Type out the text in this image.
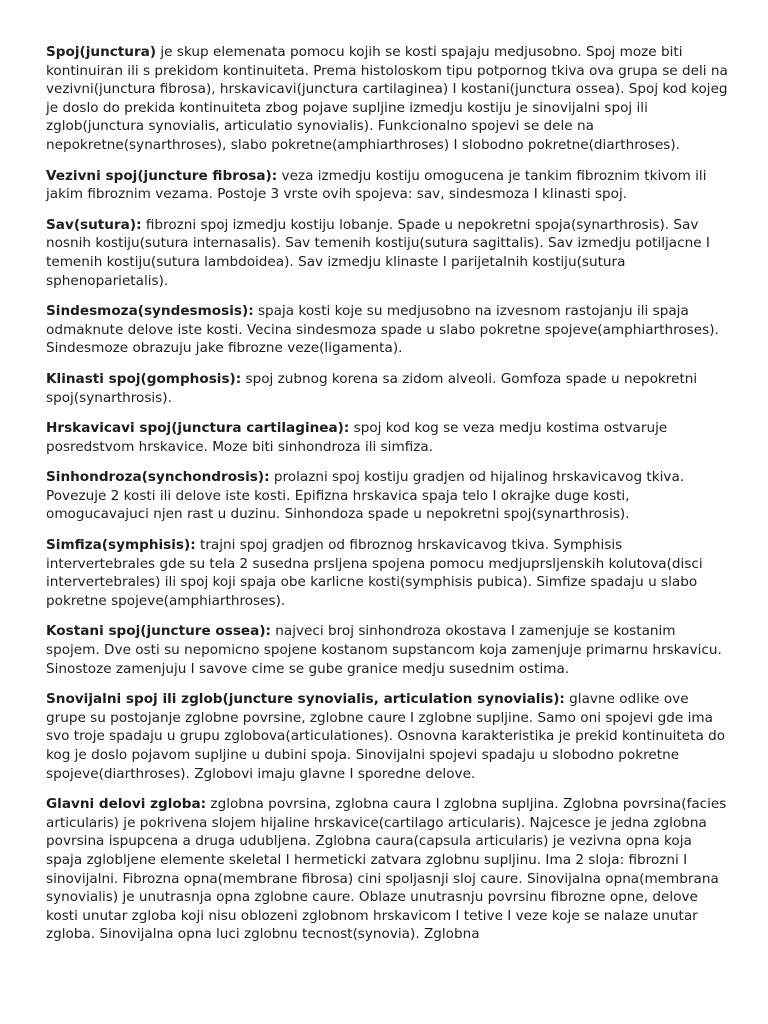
Spoj(junctura) je skup elemenata pomocu kojih se kosti spajaju medjusobno. Spoj moze biti kontinuiran ili s prekidom kontinuiteta. Prema histoloskom tipu potpornog tkiva ova grupa se deli na vezivni(junctura fibrosa), hrskavicavi(junctura cartilaginea) I kostani(junctura ossea). Spoj kod kojeg je doslo do prekida kontinuiteta zbog pojave supljine izmedju kostiju je sinovijalni spoj ili zglob(junctura synovialis, articulatio synovialis). Funkcionalno spojevi se dele na nepokretne(synarthroses), slabo pokretne(amphiarthroses) I slobodno pokretne(diarthroses).

Vezivni spoj(juncture fibrosa): veza izmedju kostiju omogucena je tankim fibroznim tkivom ili jakim fibroznim vezama. Postoje 3 vrste ovih spojeva: sav, sindesmoza I klinasti spoj.

Sav(sutura): fibrozni spoj izmedju kostiju lobanje. Spade u nepokretni spoja(synarthrosis). Sav nosnih kostiju(sutura internasalis). Sav temenih kostiju(sutura sagittalis). Sav izmedju potiljacne I temenih kostiju(sutura lambdoidea). Sav izmedju klinaste I parijetalnih kostiju(sutura sphenoparietalis).

Sindesmoza(syndesmosis): spaja kosti koje su medjusobno na izvesnom rastojanju ili spaja odmaknute delove iste kosti. Vecina sindesmoza spade u slabo pokretne spojeve(amphiarthroses). Sindesmoze obrazuju jake fibrozne veze(ligamenta).

Klinasti spoj(gomphosis): spoj zubnog korena sa zidom alveoli. Gomfoza spade u nepokretni spoj(synarthrosis).

Hrskavicavi spoj(junctura cartilaginea): spoj kod kog se veza medju kostima ostvaruje posredstvom hrskavice. Moze biti sinhondroza ili simfiza.

Sinhondroza(synchondrosis): prolazni spoj kostiju gradjen od hijalinog hrskavicavog tkiva. Povezuje 2 kosti ili delove iste kosti. Epifizna hrskavica spaja telo I okrajke duge kosti, omogucavajuci njen rast u duzinu. Sinhondoza spade u nepokretni spoj(synarthrosis).

Simfiza(symphisis): trajni spoj gradjen od fibroznog hrskavicavog tkiva. Symphisis intervertebrales gde su tela 2 susedna prsljena spojena pomocu medjuprsljenskih kolutova(disci intervertebrales) ili spoj koji spaja obe karlicne kosti(symphisis pubica). Simfize spadaju u slabo pokretne spojeve(amphiarthroses).

Kostani spoj(juncture ossea): najveci broj sinhondroza okostava I zamenjuje se kostanim spojem. Dve osti su nepomicno spojene kostanom supstancom koja zamenjuje primarnu hrskavicu. Sinostoze zamenjuju I savove cime se gube granice medju susednim ostima.

Snovijalni spoj ili zglob(juncture synovialis, articulation synovialis): glavne odlike ove grupe su postojanje zglobne povrsine, zglobne caure I zglobne supljine. Samo oni spojevi gde ima svo troje spadaju u grupu zglobova(articulationes). Osnovna karakteristika je prekid kontinuiteta do kog je doslo pojavom supljine u dubini spoja. Sinovijalni spojevi spadaju u slobodno pokretne spojeve(diarthroses). Zglobovi imaju glavne I sporedne delove.

Glavni delovi zgloba: zglobna povrsina, zglobna caura I zglobna supljina. Zglobna povrsina(facies articularis) je pokrivena slojem hijaline hrskavice(cartilago articularis). Najcesce je jedna zglobna povrsina ispupcena a druga udubljena. Zglobna caura(capsula articularis) je vezivna opna koja spaja zglobljene elemente skeletal I hermeticki zatvara zglobnu supljinu. Ima 2 sloja: fibrozni I sinovijalni. Fibrozna opna(membrane fibrosa) cini spoljasnji sloj caure. Sinovijalna opna(membrana synovialis) je unutrasnja opna zglobne caure. Oblaze unutrasnju povrsinu fibrozne opne, delove kosti unutar zgloba koji nisu oblozeni zglobnom hrskavicom I tetive I veze koje se nalaze unutar zgloba. Sinovijalna opna luci zglobnu tecnost(synovia). Zglobna
